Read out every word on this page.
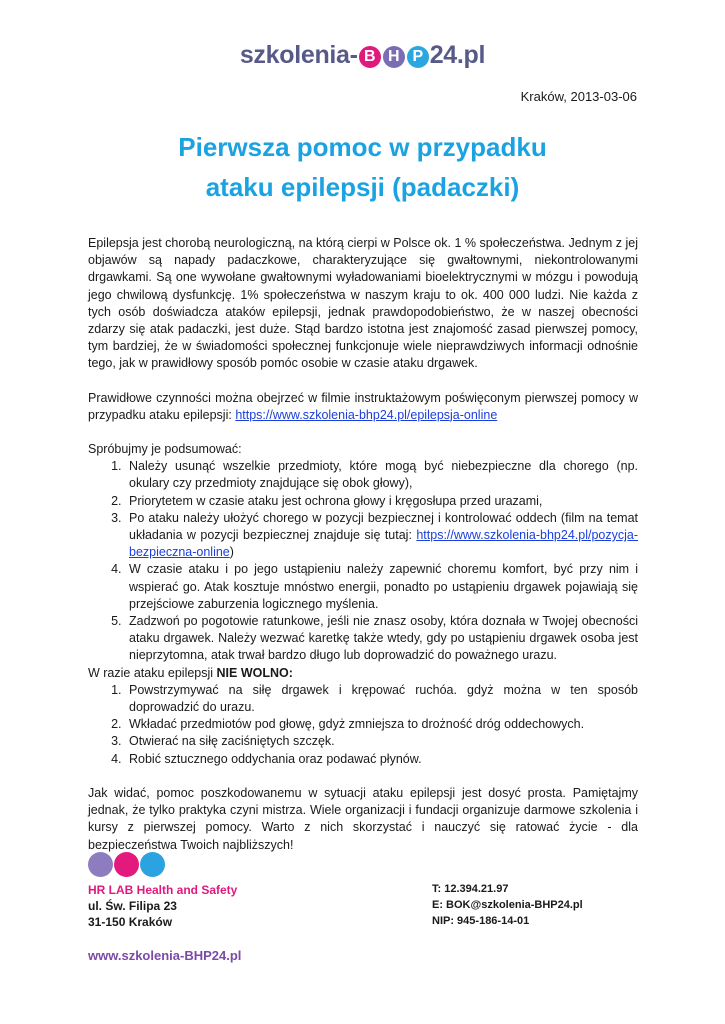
szkolenia- B H P 24.pl
Kraków, 2013-03-06
Pierwsza pomoc w przypadku
ataku epilepsji (padaczki)

Epilepsja jest chorobą neurologiczną, na którą cierpi w Polsce ok. 1 % społeczeństwa. Jednym z jej objawów są napady padaczkowe, charakteryzujące się gwałtownymi, niekontrolowanymi drgawkami. Są one wywołane gwałtownymi wyładowaniami bioelektrycznymi w mózgu i powodują jego chwilową dysfunkcję. 1% społeczeństwa w naszym kraju to ok. 400 000 ludzi. Nie każda z tych osób doświadcza ataków epilepsji, jednak prawdopodobieństwo, że w naszej obecności zdarzy się atak padaczki, jest duże. Stąd bardzo istotna jest znajomość zasad pierwszej pomocy, tym bardziej, że w świadomości społecznej funkcjonuje wiele nieprawdziwych informacji odnośnie tego, jak w prawidłowy sposób pomóc osobie w czasie ataku drgawek.

Prawidłowe czynności można obejrzeć w filmie instruktażowym poświęconym pierwszej pomocy w przypadku ataku epilepsji: https://www.szkolenia-bhp24.pl/epilepsja-online

Spróbujmy je podsumować:
1. Należy usunąć wszelkie przedmioty, które mogą być niebezpieczne dla chorego (np. okulary czy przedmioty znajdujące się obok głowy),
2. Priorytetem w czasie ataku jest ochrona głowy i kręgosłupa przed urazami,
3. Po ataku należy ułożyć chorego w pozycji bezpiecznej i kontrolować oddech (film na temat układania w pozycji bezpiecznej znajduje się tutaj: https://www.szkolenia-bhp24.pl/pozycja-bezpieczna-online)
4. W czasie ataku i po jego ustąpieniu należy zapewnić choremu komfort, być przy nim i wspierać go. Atak kosztuje mnóstwo energii, ponadto po ustąpieniu drgawek pojawiają się przejściowe zaburzenia logicznego myślenia.
5. Zadzwoń po pogotowie ratunkowe, jeśli nie znasz osoby, która doznała w Twojej obecności ataku drgawek. Należy wezwać karetkę także wtedy, gdy po ustąpieniu drgawek osoba jest nieprzytomna, atak trwał bardzo długo lub doprowadzić do poważnego urazu.
W razie ataku epilepsji NIE WOLNO:
1. Powstrzymywać na siłę drgawek i krępować ruchóa. gdyż można w ten sposób doprowadzić do urazu.
2. Wkładać przedmiotów pod głowę, gdyż zmniejsza to drożność dróg oddechowych.
3. Otwierać na siłę zaciśniętych szczęk.
4. Robić sztucznego oddychania oraz podawać płynów.

Jak widać, pomoc poszkodowanemu w sytuacji ataku epilepsji jest dosyć prosta. Pamiętajmy jednak, że tylko praktyka czyni mistrza. Wiele organizacji i fundacji organizuje darmowe szkolenia i kursy z pierwszej pomocy. Warto z nich skorzystać i nauczyć się ratować życie - dla bezpieczeństwa Twoich najbliższych!

HR LAB Health and Safety
ul. Św. Filipa 23
31-150 Kraków
T: 12.394.21.97
E: BOK@szkolenia-BHP24.pl
NIP: 945-186-14-01
www.szkolenia-BHP24.pl
